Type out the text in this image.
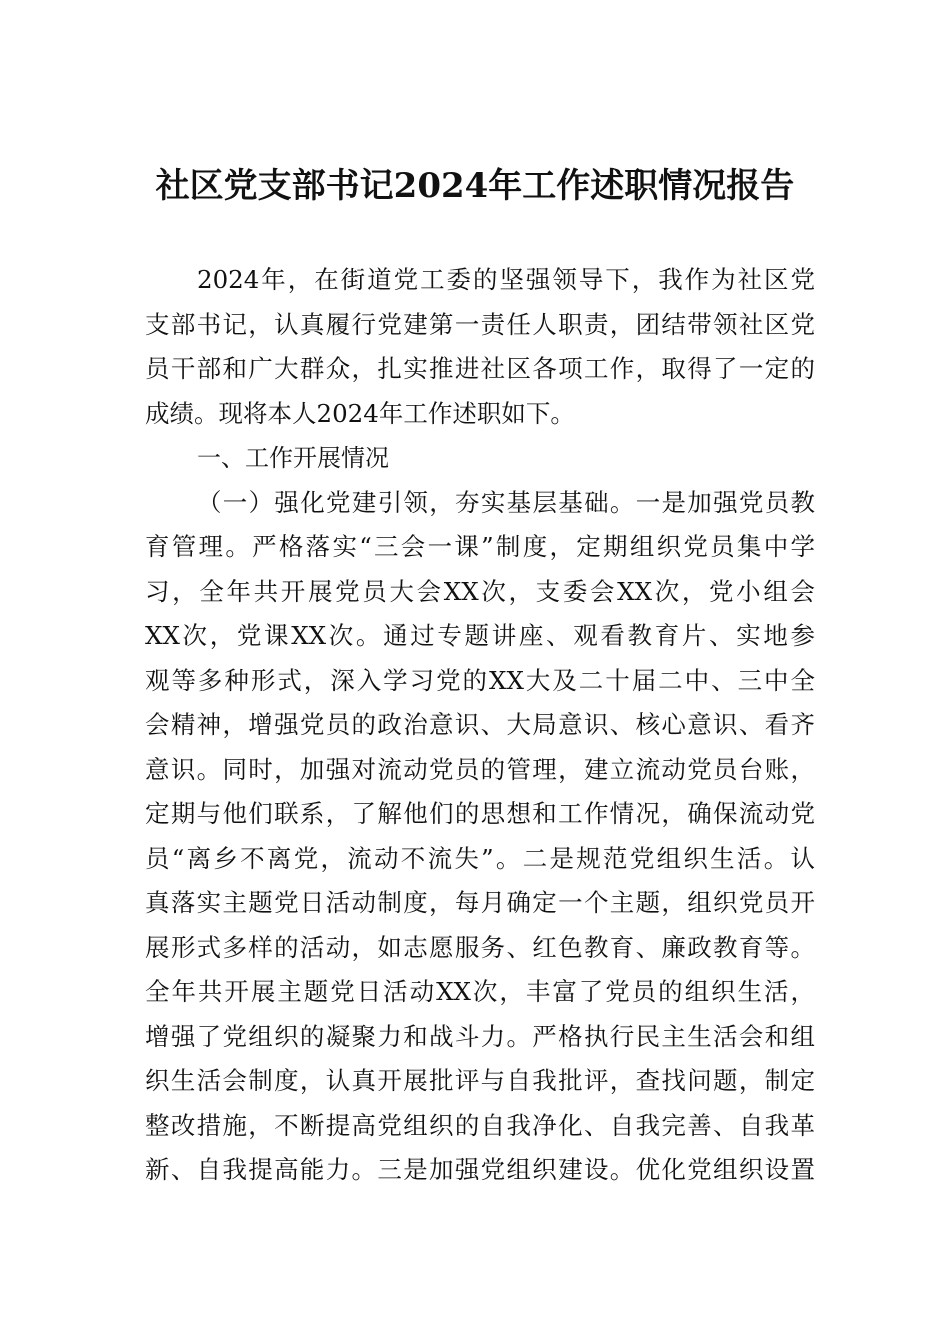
社区党支部书记2024年工作述职情况报告
2024年，在街道党工委的坚强领导下，我作为社区党
支部书记，认真履行党建第一责任人职责，团结带领社区党
员干部和广大群众，扎实推进社区各项工作，取得了一定的
成绩。现将本人2024年工作述职如下。
一、工作开展情况
（一）强化党建引领，夯实基层基础。一是加强党员教
育管理。严格落实“三会一课”制度，定期组织党员集中学
习，全年共开展党员大会XX次，支委会XX次，党小组会
XX次，党课XX次。通过专题讲座、观看教育片、实地参
观等多种形式，深入学习党的XX大及二十届二中、三中全
会精神，增强党员的政治意识、大局意识、核心意识、看齐
意识。同时，加强对流动党员的管理，建立流动党员台账，
定期与他们联系，了解他们的思想和工作情况，确保流动党
员“离乡不离党，流动不流失”。二是规范党组织生活。认
真落实主题党日活动制度，每月确定一个主题，组织党员开
展形式多样的活动，如志愿服务、红色教育、廉政教育等。
全年共开展主题党日活动XX次，丰富了党员的组织生活，
增强了党组织的凝聚力和战斗力。严格执行民主生活会和组
织生活会制度，认真开展批评与自我批评，查找问题，制定
整改措施，不断提高党组织的自我净化、自我完善、自我革
新、自我提高能力。三是加强党组织建设。优化党组织设置
